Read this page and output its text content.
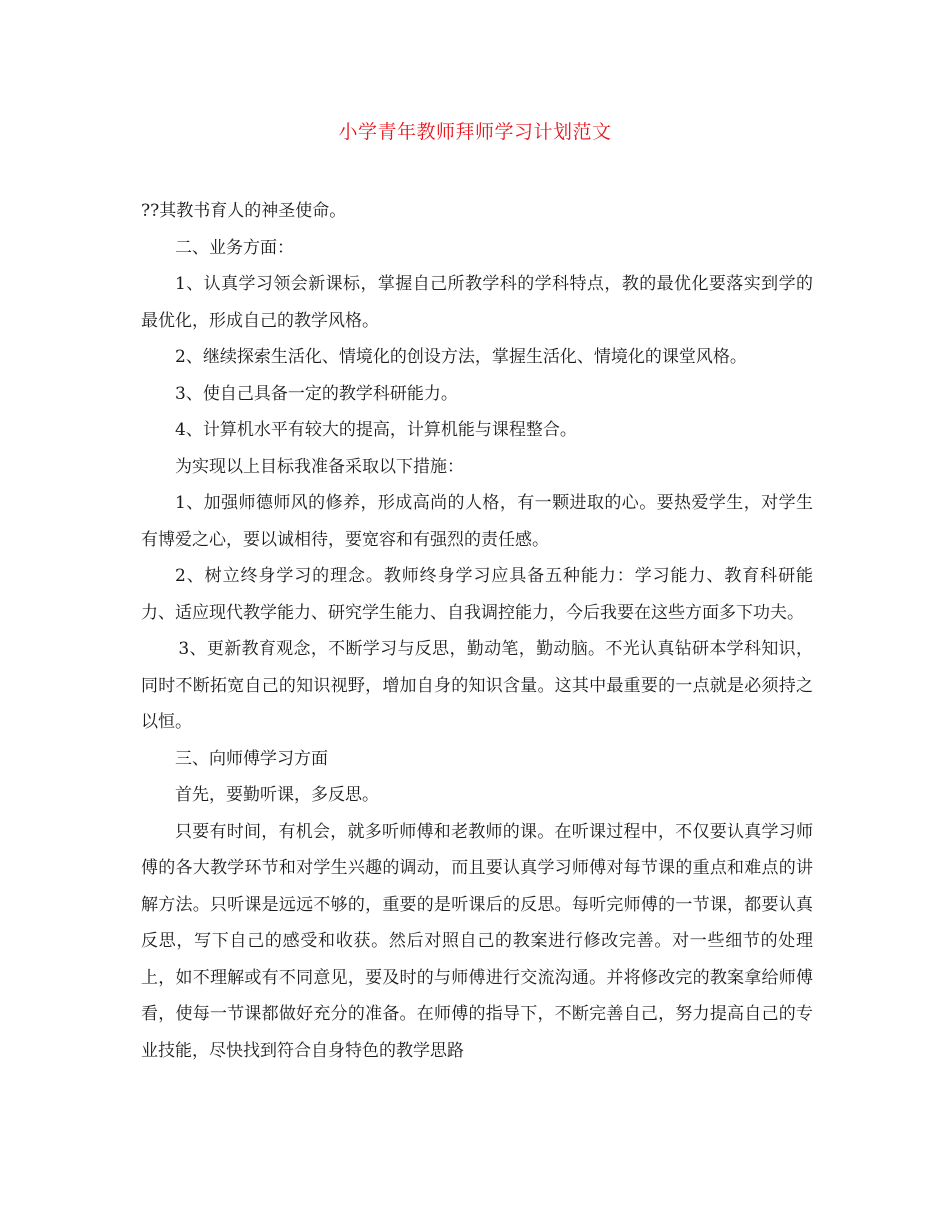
小学青年教师拜师学习计划范文

??其教书育人的神圣使命。

二、业务方面：

1、认真学习领会新课标，掌握自己所教学科的学科特点，教的最优化要落实到学的最优化，形成自己的教学风格。

2、继续探索生活化、情境化的创设方法，掌握生活化、情境化的课堂风格。

3、使自己具备一定的教学科研能力。

4、计算机水平有较大的提高，计算机能与课程整合。

为实现以上目标我准备采取以下措施：

1、加强师德师风的修养，形成高尚的人格，有一颗进取的心。要热爱学生，对学生有博爱之心，要以诚相待，要宽容和有强烈的责任感。

2、树立终身学习的理念。教师终身学习应具备五种能力：学习能力、教育科研能力、适应现代教学能力、研究学生能力、自我调控能力，今后我要在这些方面多下功夫。

3、更新教育观念，不断学习与反思，勤动笔，勤动脑。不光认真钻研本学科知识，同时不断拓宽自己的知识视野，增加自身的知识含量。这其中最重要的一点就是必须持之以恒。

三、向师傅学习方面

首先，要勤听课，多反思。

只要有时间，有机会，就多听师傅和老教师的课。在听课过程中，不仅要认真学习师傅的各大教学环节和对学生兴趣的调动，而且要认真学习师傅对每节课的重点和难点的讲解方法。只听课是远远不够的，重要的是听课后的反思。每听完师傅的一节课，都要认真反思，写下自己的感受和收获。然后对照自己的教案进行修改完善。对一些细节的处理上，如不理解或有不同意见，要及时的与师傅进行交流沟通。并将修改完的教案拿给师傅看，使每一节课都做好充分的准备。在师傅的指导下，不断完善自己，努力提高自己的专业技能，尽快找到符合自身特色的教学思路
